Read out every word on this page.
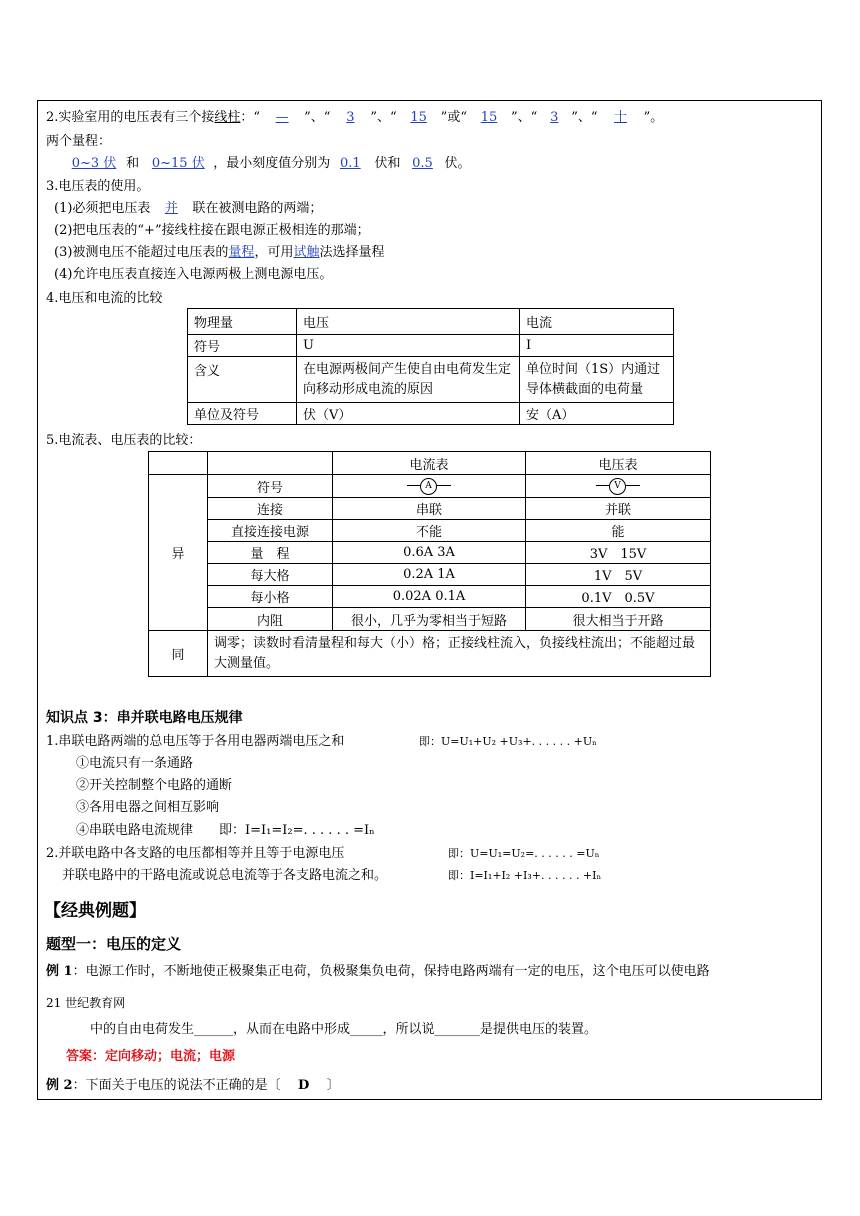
2.实验室用的电压表有三个接线柱：“ — ”、“ 3 ”、“ 15 ”或“ 15 ”、“ 3 ”、“ 十 ”。
两个量程：
0~3 伏 和 0~15 伏 ，最小刻度值分别为 0.1 伏和 0.5 伏。
3.电压表的使用。
(1)必须把电压表 并 联在被测电路的两端；
(2)把电压表的“+”接线柱接在跟电源正极相连的那端；
(3)被测电压不能超过电压表的量程，可用试触法选择量程
(4)允许电压表直接连入电源两极上测电源电压。
4.电压和电流的比较
物理量	电压	电流
符号	U	I
含义	在电源两极间产生使自由电荷发生定向移动形成电流的原因	单位时间（1S）内通过导体横截面的电荷量
单位及符号	伏（V）	安（A）
5.电流表、电压表的比较：
		电流表	电压表
异	符号	A	V

	连接	串联	并联
	直接连接电源	不能	能
	量　程	0.6A 3A	3V　15V
	每大格	0.2A 1A	1V　5V
	每小格	0.02A 0.1A	0.1V　0.5V
	内阻	很小，几乎为零相当于短路	很大相当于开路
同	调零；读数时看清量程和每大（小）格；正接线柱流入，负接线柱流出；不能超过最大测量值。		
知识点 3：串并联电路电压规律
1.串联电路两端的总电压等于各用电器两端电压之和	即：U=U₁+U₂ +U₃+. . . . . . +Uₙ
①电流只有一条通路
②开关控制整个电路的通断
③各用电器之间相互影响
④串联电路电流规律　　即：I=I₁=I₂=. . . . . . =Iₙ
2.并联电路中各支路的电压都相等并且等于电源电压	即：U=U₁=U₂=. . . . . . =Uₙ
并联电路中的干路电流或说总电流等于各支路电流之和。	即：I=I₁+I₂ +I₃+. . . . . . +Iₙ
【经典例题】
题型一：电压的定义
例 1：电源工作时，不断地使正极聚集正电荷，负极聚集负电荷，保持电路两端有一定的电压，这个电压可以使电路
21 世纪教育网
中的自由电荷发生______，从而在电路中形成_____，所以说_______是提供电压的装置。
答案：定向移动；电流；电源
例 2：下面关于电压的说法不正确的是〔 D 〕
